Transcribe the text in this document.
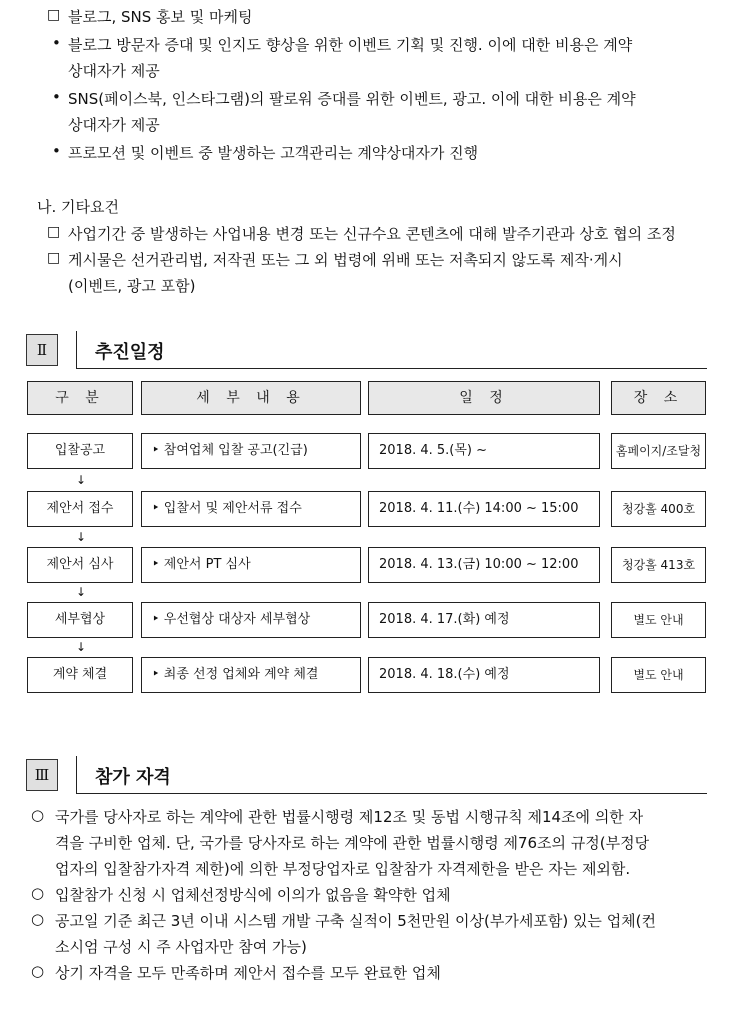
□ 블로그, SNS 홍보 및 마케팅
• 블로그 방문자 증대 및 인지도 향상을 위한 이벤트 기획 및 진행. 이에 대한 비용은 계약
상대자가 제공
• SNS(페이스북, 인스타그램)의 팔로워 증대를 위한 이벤트, 광고. 이에 대한 비용은 계약
상대자가 제공
• 프로모션 및 이벤트 중 발생하는 고객관리는 계약상대자가 진행
나. 기타요건
□ 사업기간 중 발생하는 사업내용 변경 또는 신규수요 콘텐츠에 대해 발주기관과 상호 협의 조정
□ 게시물은 선거관리법, 저작권 또는 그 외 법령에 위배 또는 저촉되지 않도록 제작·게시
(이벤트, 광고 포함)
Ⅱ	추진일정
구 분	세 부 내 용	일 정	장 소
입찰공고	‣ 참여업체 입찰 공고(긴급)	2018. 4. 5.(목) ~	홈페이지/조달청
↓
제안서 접수	‣ 입찰서 및 제안서류 접수	2018. 4. 11.(수) 14:00 ~ 15:00	청강홀 400호
↓
제안서 심사	‣ 제안서 PT 심사	2018. 4. 13.(금) 10:00 ~ 12:00	청강홀 413호
↓
세부협상	‣ 우선협상 대상자 세부협상	2018. 4. 17.(화) 예정	별도 안내
↓
계약 체결	‣ 최종 선정 업체와 계약 체결	2018. 4. 18.(수) 예정	별도 안내
Ⅲ	참가 자격
○ 국가를 당사자로 하는 계약에 관한 법률시행령 제12조 및 동법 시행규칙 제14조에 의한 자
격을 구비한 업체. 단, 국가를 당사자로 하는 계약에 관한 법률시행령 제76조의 규정(부정당
업자의 입찰참가자격 제한)에 의한 부정당업자로 입찰참가 자격제한을 받은 자는 제외함.
○ 입찰참가 신청 시 업체선정방식에 이의가 없음을 확약한 업체
○ 공고일 기준 최근 3년 이내 시스템 개발 구축 실적이 5천만원 이상(부가세포함) 있는 업체(컨
소시엄 구성 시 주 사업자만 참여 가능)
○ 상기 자격을 모두 만족하며 제안서 접수를 모두 완료한 업체
